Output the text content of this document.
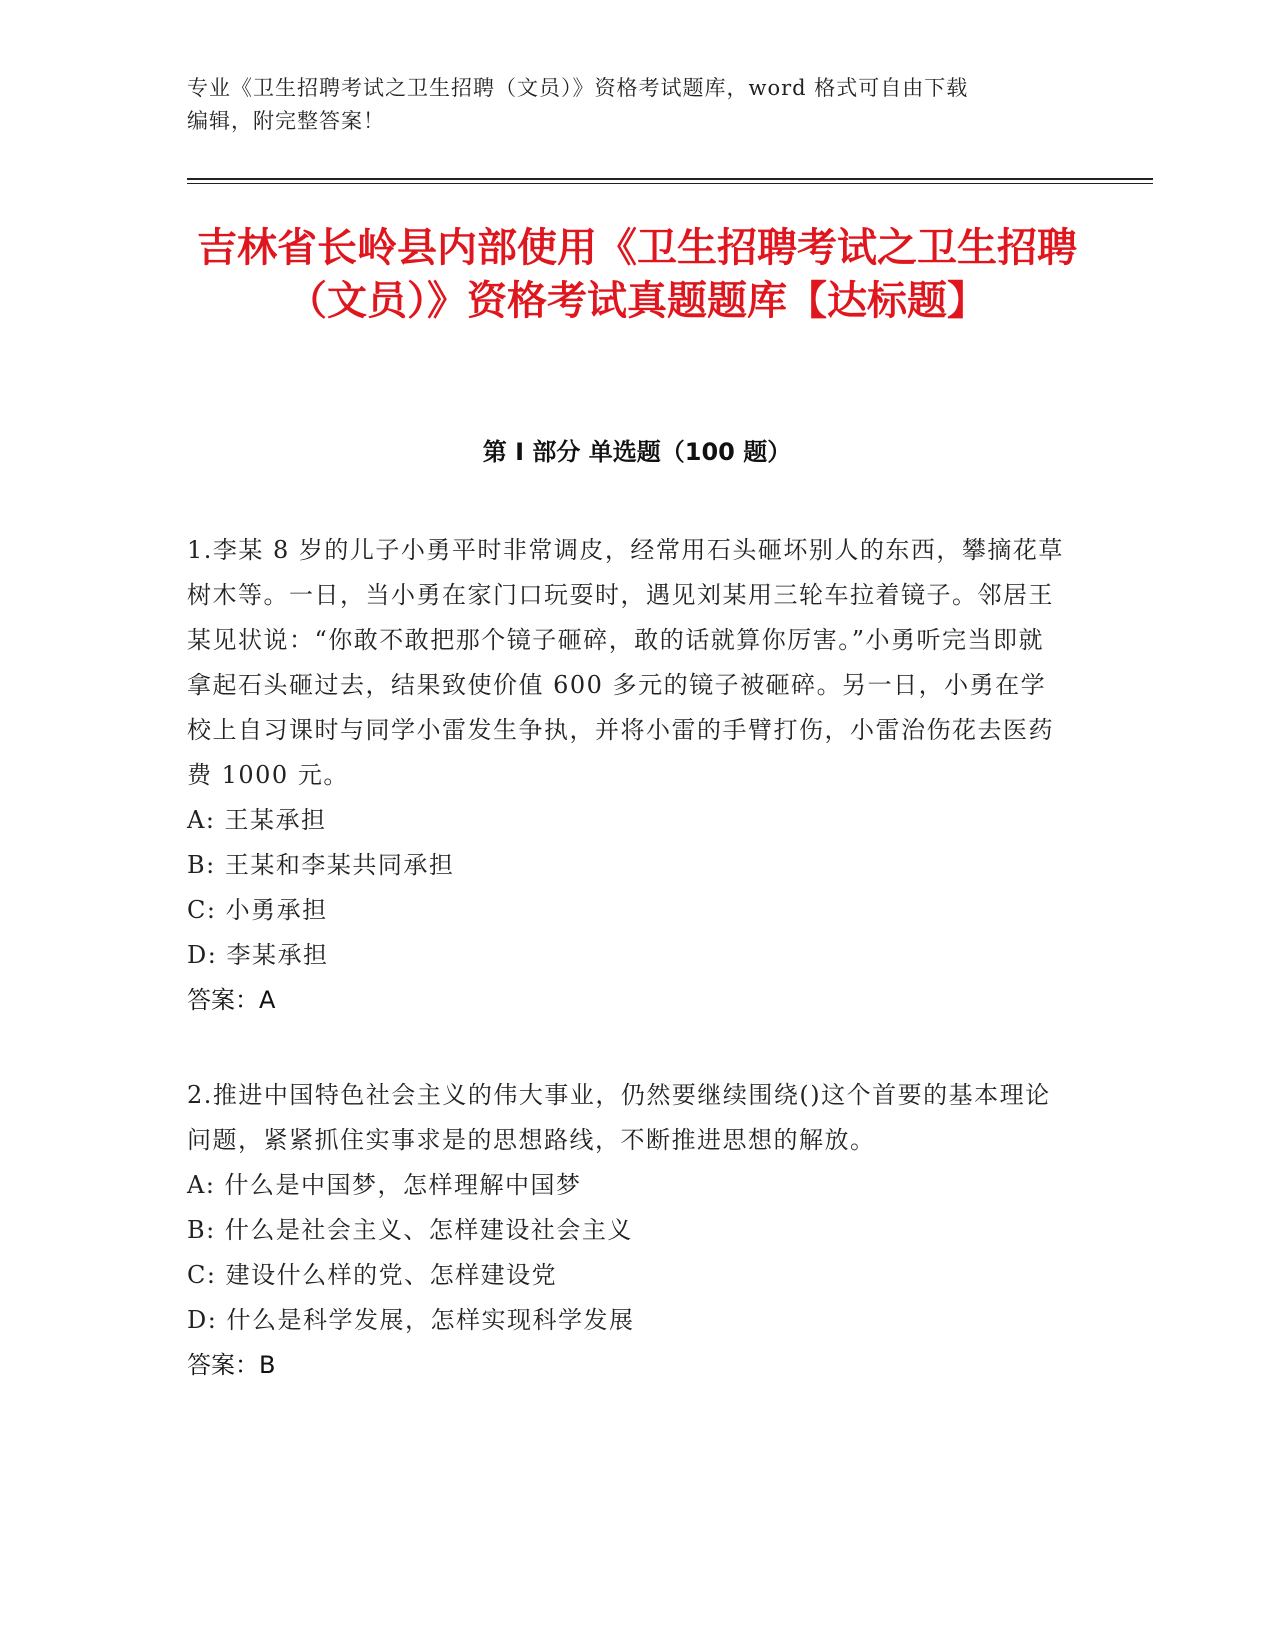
专业《卫生招聘考试之卫生招聘（文员）》资格考试题库，word 格式可自由下载
编辑，附完整答案！
吉林省长岭县内部使用《卫生招聘考试之卫生招聘（文员）》资格考试真题题库【达标题】
第 I 部分 单选题（100 题）

1.李某 8 岁的儿子小勇平时非常调皮，经常用石头砸坏别人的东西，攀摘花草树木等。一日，当小勇在家门口玩耍时，遇见刘某用三轮车拉着镜子。邻居王某见状说：“你敢不敢把那个镜子砸碎，敢的话就算你厉害。”小勇听完当即就拿起石头砸过去，结果致使价值 600 多元的镜子被砸碎。另一日，小勇在学校上自习课时与同学小雷发生争执，并将小雷的手臂打伤，小雷治伤花去医药费 1000 元。

A: 王某承担
B: 王某和李某共同承担
C: 小勇承担
D: 李某承担

答案：A

2.推进中国特色社会主义的伟大事业，仍然要继续围绕()这个首要的基本理论问题，紧紧抓住实事求是的思想路线，不断推进思想的解放。

A: 什么是中国梦，怎样理解中国梦
B: 什么是社会主义、怎样建设社会主义
C: 建设什么样的党、怎样建设党
D: 什么是科学发展，怎样实现科学发展

答案：B
